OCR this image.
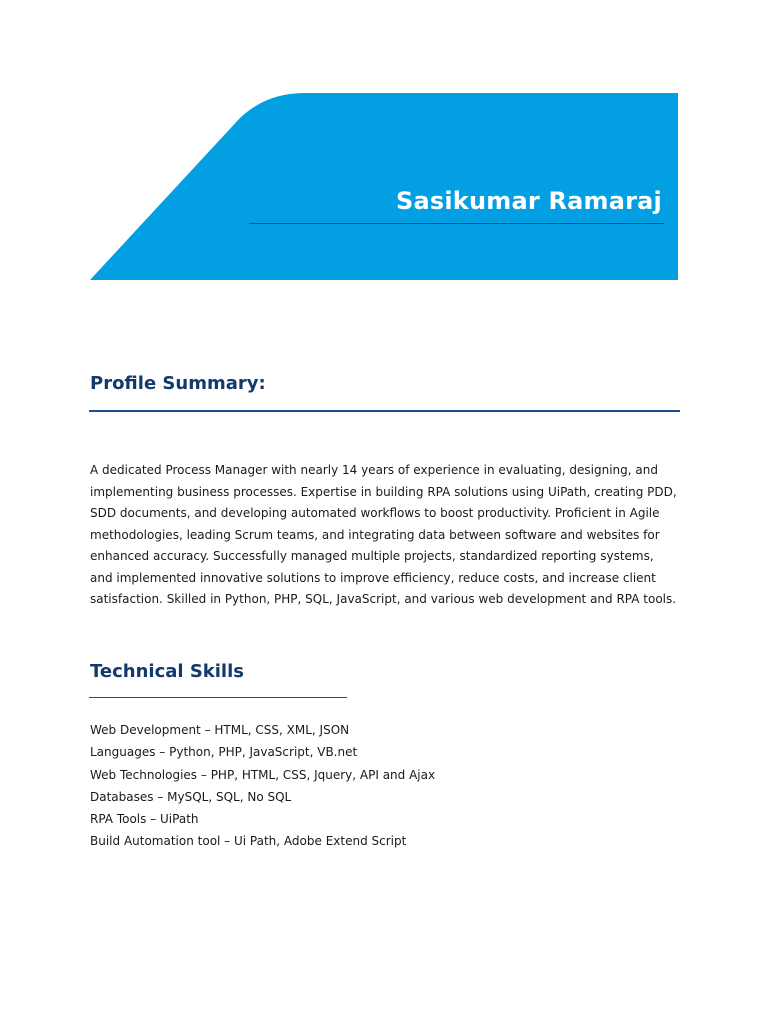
Sasikumar Ramaraj
Profile Summary:

A dedicated Process Manager with nearly 14 years of experience in evaluating, designing, and implementing business processes. Expertise in building RPA solutions using UiPath, creating PDD, SDD documents, and developing automated workflows to boost productivity. Proficient in Agile methodologies, leading Scrum teams, and integrating data between software and websites for enhanced accuracy. Successfully managed multiple projects, standardized reporting systems, and implemented innovative solutions to improve efficiency, reduce costs, and increase client satisfaction. Skilled in Python, PHP, SQL, JavaScript, and various web development and RPA tools.

Technical Skills
Web Development – HTML, CSS, XML, JSON
Languages – Python, PHP, JavaScript, VB.net
Web Technologies – PHP, HTML, CSS, Jquery, API and Ajax
Databases – MySQL, SQL, No SQL
RPA Tools – UiPath
Build Automation tool – Ui Path, Adobe Extend Script
